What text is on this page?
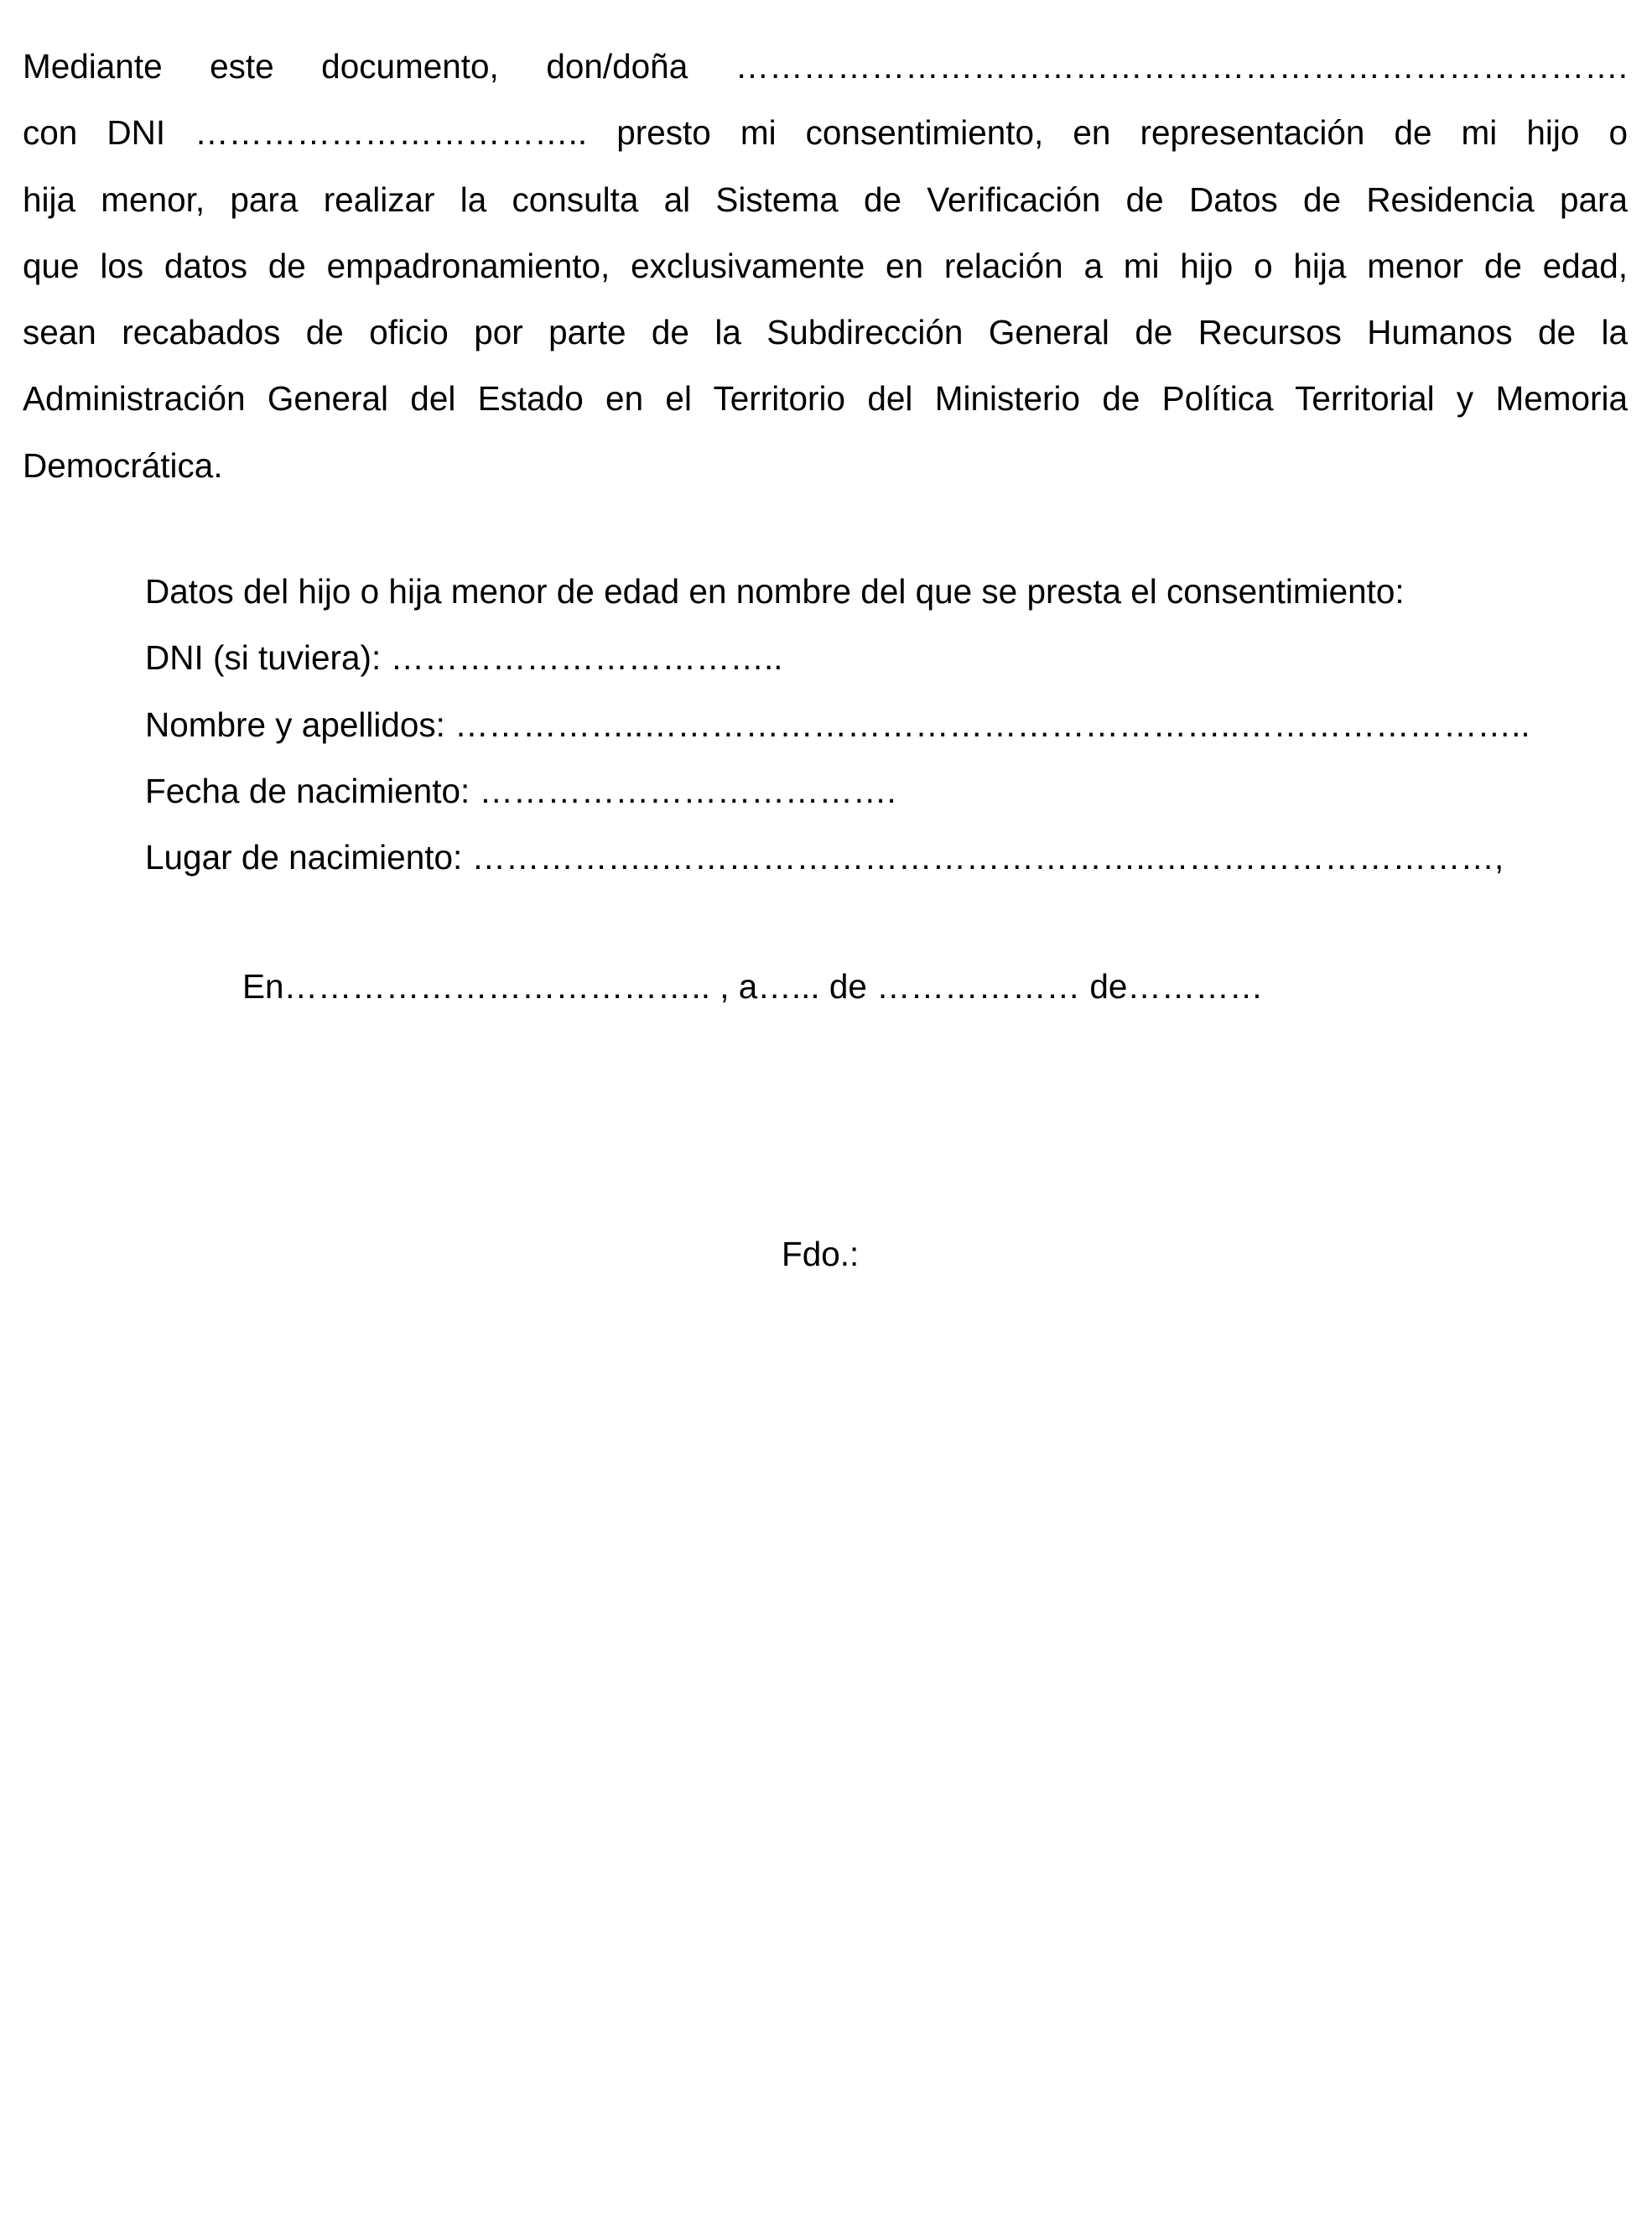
Mediante este documento, don/doña …………………………………………………………………….
con DNI …………………………….. presto mi consentimiento, en representación de mi hijo o
hija menor, para realizar la consulta al Sistema de Verificación de Datos de Residencia para
que los datos de empadronamiento, exclusivamente en relación a mi hijo o hija menor de edad,
sean recabados de oficio por parte de la Subdirección General de Recursos Humanos de la
Administración General del Estado en el Territorio del Ministerio de Política Territorial y Memoria
Democrática.
Datos del hijo o hija menor de edad en nombre del que se presta el consentimiento:
DNI (si tuviera): ……………………………..
Nombre y apellidos: ……………..……………………………………………..……………………..
Fecha de nacimiento: ……………………………….
Lugar de nacimiento: ……………..……………………………………..…………………………,
En……………………………….. , a…... de ……………… de…………
Fdo.:
